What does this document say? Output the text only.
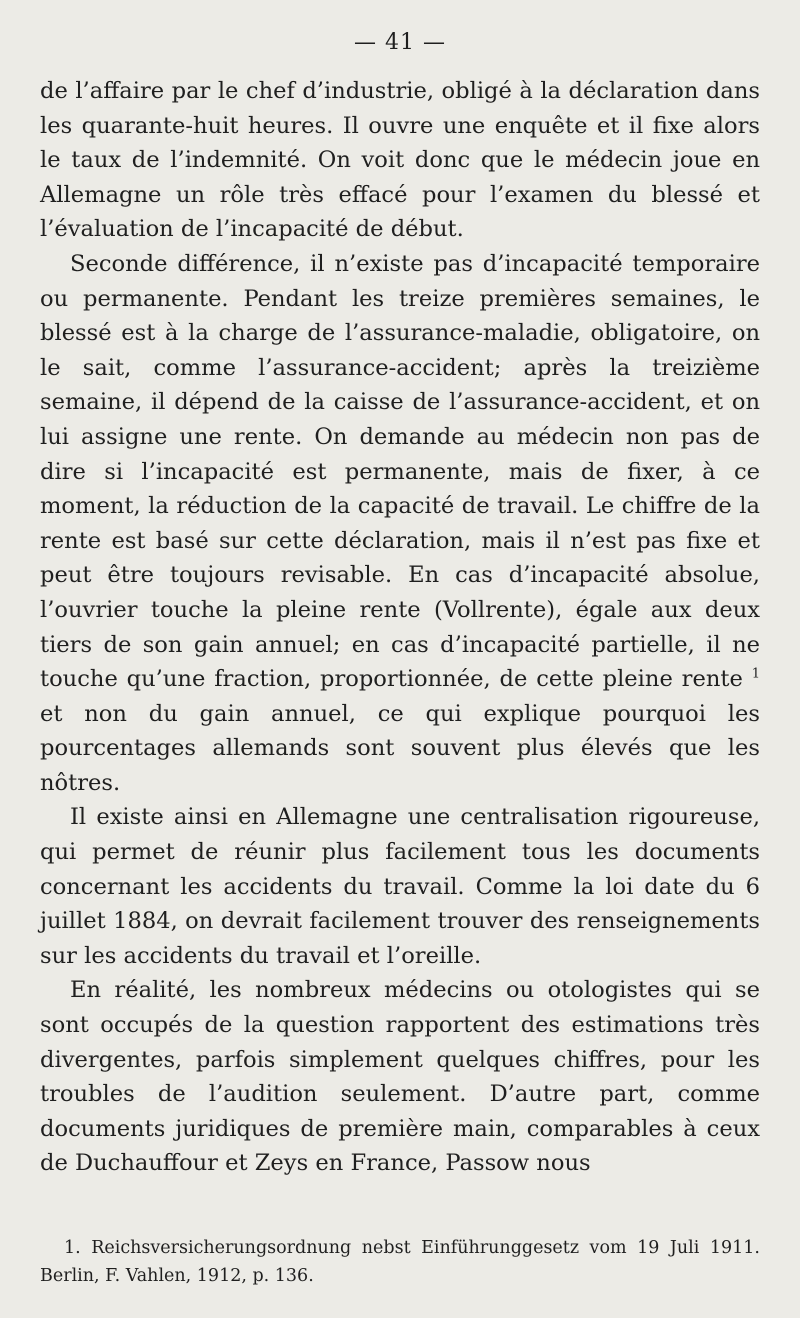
— 41 —

de l’affaire par le chef d’industrie, obligé à la déclaration dans les quarante-huit heures. Il ouvre une enquête et il fixe alors le taux de l’indemnité. On voit donc que le médecin joue en Allemagne un rôle très effacé pour l’examen du blessé et l’évaluation de l’incapacité de début.

Seconde différence, il n’existe pas d’incapacité temporaire ou permanente. Pendant les treize premières semaines, le blessé est à la charge de l’assurance-maladie, obligatoire, on le sait, comme l’assurance-accident; après la treizième semaine, il dépend de la caisse de l’assurance-accident, et on lui assigne une rente. On demande au médecin non pas de dire si l’incapacité est permanente, mais de fixer, à ce moment, la réduction de la capacité de travail. Le chiffre de la rente est basé sur cette déclaration, mais il n’est pas fixe et peut être toujours revisable. En cas d’incapacité absolue, l’ouvrier touche la pleine rente (Vollrente), égale aux deux tiers de son gain annuel; en cas d’incapacité partielle, il ne touche qu’une fraction, proportionnée, de cette pleine rente $^1$ et non du gain annuel, ce qui explique pourquoi les pourcentages allemands sont souvent plus élevés que les nôtres.

Il existe ainsi en Allemagne une centralisation rigoureuse, qui permet de réunir plus facilement tous les documents concernant les accidents du travail. Comme la loi date du 6 juillet 1884, on devrait facilement trouver des renseignements sur les accidents du travail et l’oreille.

En réalité, les nombreux médecins ou otologistes qui se sont occupés de la question rapportent des estimations très divergentes, parfois simplement quelques chiffres, pour les troubles de l’audition seulement. D’autre part, comme documents juridiques de première main, comparables à ceux de Duchauffour et Zeys en France, Passow nous

1. Reichsversicherungsordnung nebst Einführunggesetz vom 19 Juli 1911. Berlin, F. Vahlen, 1912, p. 136.
